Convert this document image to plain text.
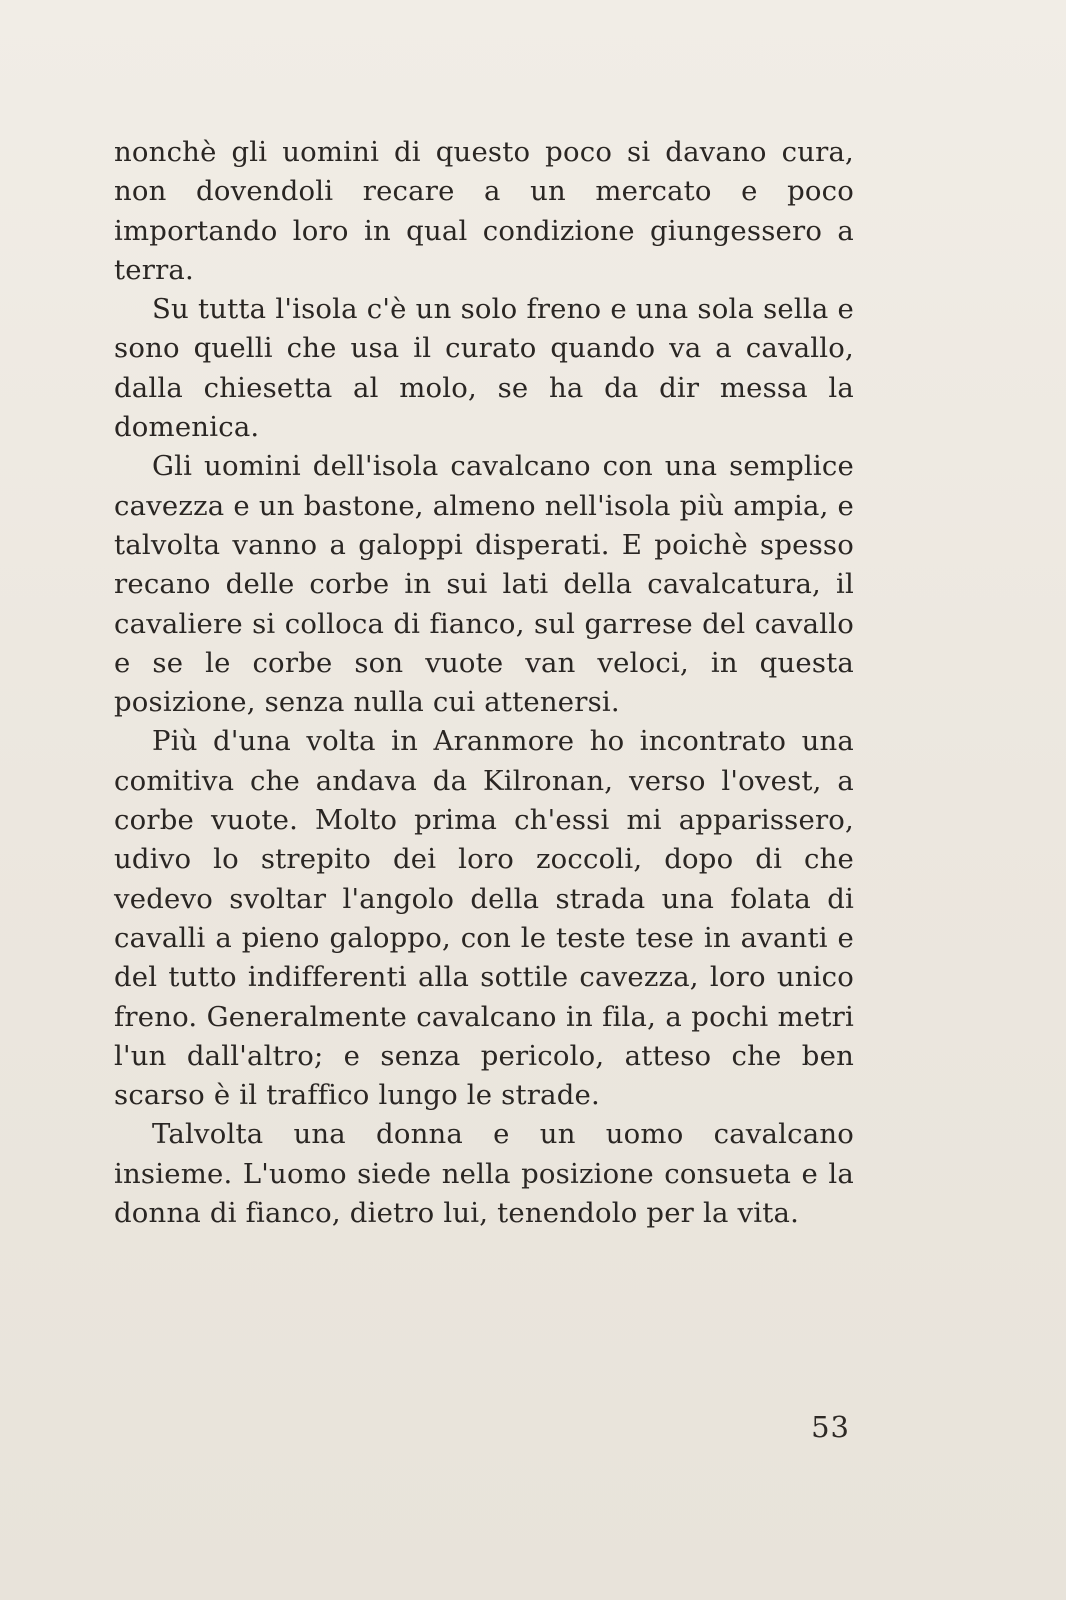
nonchè gli uomini di questo poco si davano cura, non dovendoli recare a un mercato e poco importando loro in qual condizione giungessero a terra.

Su tutta l'isola c'è un solo freno e una sola sella e sono quelli che usa il curato quando va a cavallo, dalla chiesetta al molo, se ha da dir messa la domenica.

Gli uomini dell'isola cavalcano con una semplice cavezza e un bastone, almeno nell'isola più ampia, e talvolta vanno a galoppi disperati. E poichè spesso recano delle corbe in sui lati della cavalcatura, il cavaliere si colloca di fianco, sul garrese del cavallo e se le corbe son vuote van veloci, in questa posizione, senza nulla cui attenersi.

Più d'una volta in Aranmore ho incontrato una comitiva che andava da Kilronan, verso l'ovest, a corbe vuote. Molto prima ch'essi mi apparissero, udivo lo strepito dei loro zoccoli, dopo di che vedevo svoltar l'angolo della strada una folata di cavalli a pieno galoppo, con le teste tese in avanti e del tutto indifferenti alla sottile cavezza, loro unico freno. Generalmente cavalcano in fila, a pochi metri l'un dall'altro; e senza pericolo, atteso che ben scarso è il traffico lungo le strade.

Talvolta una donna e un uomo cavalcano insieme. L'uomo siede nella posizione consueta e la donna di fianco, dietro lui, tenendolo per la vita.

53
